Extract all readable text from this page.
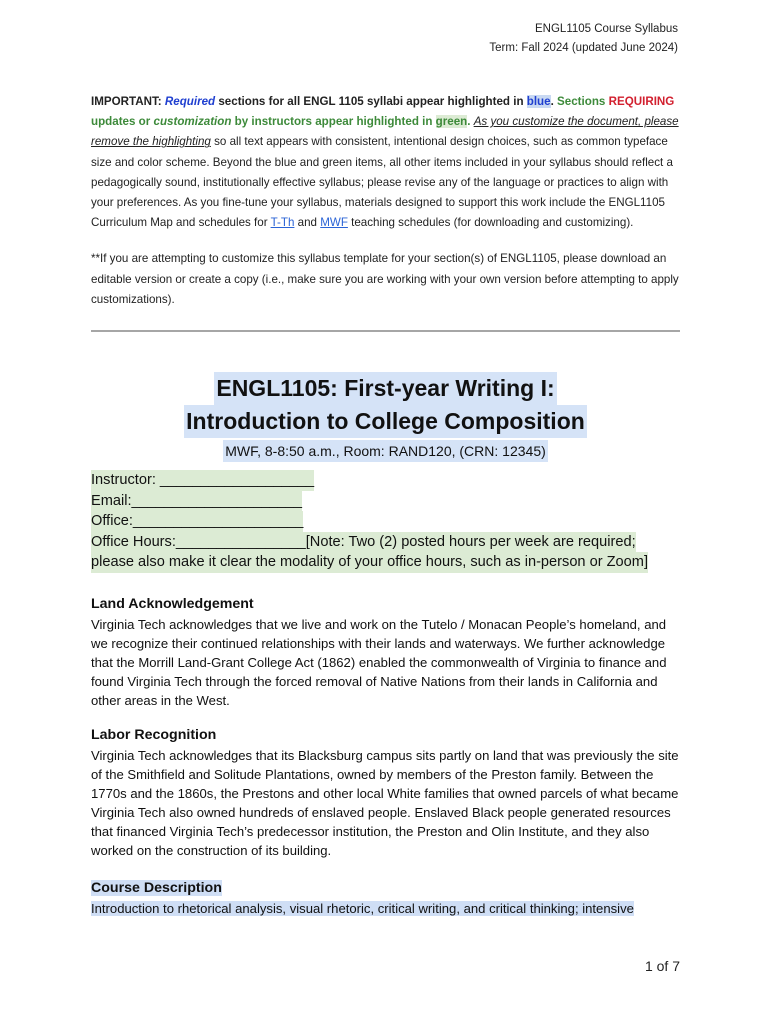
ENGL1105 Course Syllabus
Term: Fall 2024 (updated June 2024)

IMPORTANT: Required sections for all ENGL 1105 syllabi appear highlighted in blue. Sections REQUIRING updates or customization by instructors appear highlighted in green. As you customize the document, please remove the highlighting so all text appears with consistent, intentional design choices, such as common typeface size and color scheme. Beyond the blue and green items, all other items included in your syllabus should reflect a pedagogically sound, institutionally effective syllabus; please revise any of the language or practices to align with your preferences. As you fine-tune your syllabus, materials designed to support this work include the ENGL1105 Curriculum Map and schedules for T-Th and MWF teaching schedules (for downloading and customizing).

**If you are attempting to customize this syllabus template for your section(s) of ENGL1105, please download an editable version or create a copy (i.e., make sure you are working with your own version before attempting to apply customizations).

ENGL1105: First-year Writing I:
Introduction to College Composition
MWF, 8-8:50 a.m., Room: RAND120, (CRN: 12345)
Instructor: ___________________
Email:_____________________
Office:_____________________
Office Hours:________________[Note: Two (2) posted hours per week are required;
please also make it clear the modality of your office hours, such as in-person or Zoom]
Land Acknowledgement

Virginia Tech acknowledges that we live and work on the Tutelo / Monacan People’s homeland, and we recognize their continued relationships with their lands and waterways. We further acknowledge that the Morrill Land-Grant College Act (1862) enabled the commonwealth of Virginia to finance and found Virginia Tech through the forced removal of Native Nations from their lands in California and other areas in the West.

Labor Recognition

Virginia Tech acknowledges that its Blacksburg campus sits partly on land that was previously the site of the Smithfield and Solitude Plantations, owned by members of the Preston family. Between the 1770s and the 1860s, the Prestons and other local White families that owned parcels of what became Virginia Tech also owned hundreds of enslaved people. Enslaved Black people generated resources that financed Virginia Tech’s predecessor institution, the Preston and Olin Institute, and they also worked on the construction of its building.

Course Description

Introduction to rhetorical analysis, visual rhetoric, critical writing, and critical thinking; intensive

1 of 7
